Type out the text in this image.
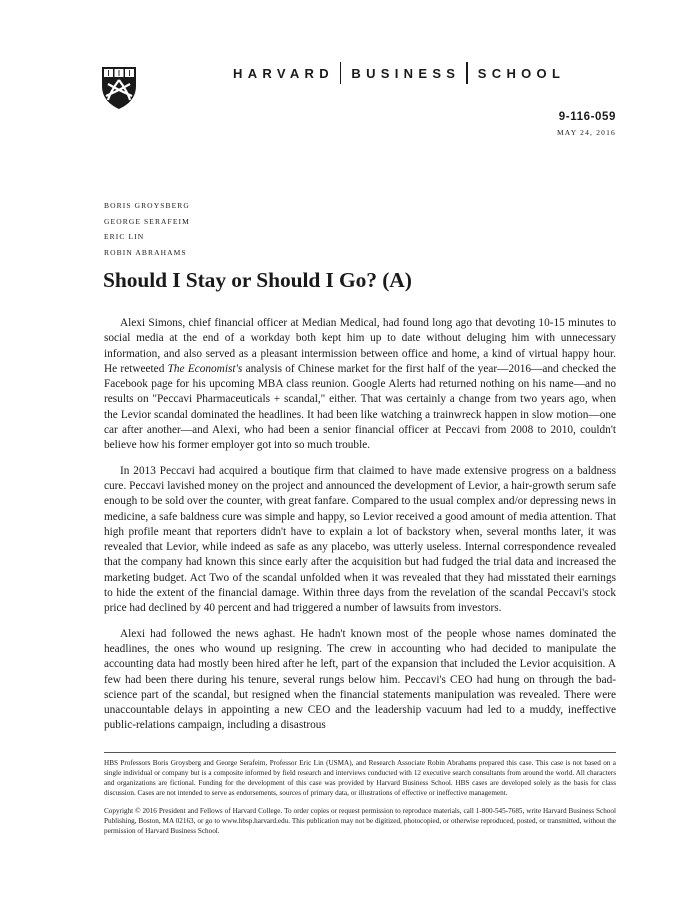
HARVARD BUSINESS SCHOOL
9-116-059
MAY 24, 2016
BORIS GROYSBERG
GEORGE SERAFEIM
ERIC LIN
ROBIN ABRAHAMS
Should I Stay or Should I Go? (A)

Alexi Simons, chief financial officer at Median Medical, had found long ago that devoting 10-15 minutes to social media at the end of a workday both kept him up to date without deluging him with unnecessary information, and also served as a pleasant intermission between office and home, a kind of virtual happy hour. He retweeted The Economist's analysis of Chinese market for the first half of the year—2016—and checked the Facebook page for his upcoming MBA class reunion. Google Alerts had returned nothing on his name—and no results on "Peccavi Pharmaceuticals + scandal," either. That was certainly a change from two years ago, when the Levior scandal dominated the headlines. It had been like watching a trainwreck happen in slow motion—one car after another—and Alexi, who had been a senior financial officer at Peccavi from 2008 to 2010, couldn't believe how his former employer got into so much trouble.

In 2013 Peccavi had acquired a boutique firm that claimed to have made extensive progress on a baldness cure. Peccavi lavished money on the project and announced the development of Levior, a hair-growth serum safe enough to be sold over the counter, with great fanfare. Compared to the usual complex and/or depressing news in medicine, a safe baldness cure was simple and happy, so Levior received a good amount of media attention. That high profile meant that reporters didn't have to explain a lot of backstory when, several months later, it was revealed that Levior, while indeed as safe as any placebo, was utterly useless. Internal correspondence revealed that the company had known this since early after the acquisition but had fudged the trial data and increased the marketing budget. Act Two of the scandal unfolded when it was revealed that they had misstated their earnings to hide the extent of the financial damage. Within three days from the revelation of the scandal Peccavi's stock price had declined by 40 percent and had triggered a number of lawsuits from investors.

Alexi had followed the news aghast. He hadn't known most of the people whose names dominated the headlines, the ones who wound up resigning. The crew in accounting who had decided to manipulate the accounting data had mostly been hired after he left, part of the expansion that included the Levior acquisition. A few had been there during his tenure, several rungs below him. Peccavi's CEO had hung on through the bad-science part of the scandal, but resigned when the financial statements manipulation was revealed. There were unaccountable delays in appointing a new CEO and the leadership vacuum had led to a muddy, ineffective public-relations campaign, including a disastrous

HBS Professors Boris Groysberg and George Serafeim, Professor Eric Lin (USMA), and Research Associate Robin Abrahams prepared this case. This case is not based on a single individual or company but is a composite informed by field research and interviews conducted with 12 executive search consultants from around the world. All characters and organizations are fictional. Funding for the development of this case was provided by Harvard Business School. HBS cases are developed solely as the basis for class discussion. Cases are not intended to serve as endorsements, sources of primary data, or illustrations of effective or ineffective management.

Copyright © 2016 President and Fellows of Harvard College. To order copies or request permission to reproduce materials, call 1-800-545-7685, write Harvard Business School Publishing, Boston, MA 02163, or go to www.hbsp.harvard.edu. This publication may not be digitized, photocopied, or otherwise reproduced, posted, or transmitted, without the permission of Harvard Business School.
